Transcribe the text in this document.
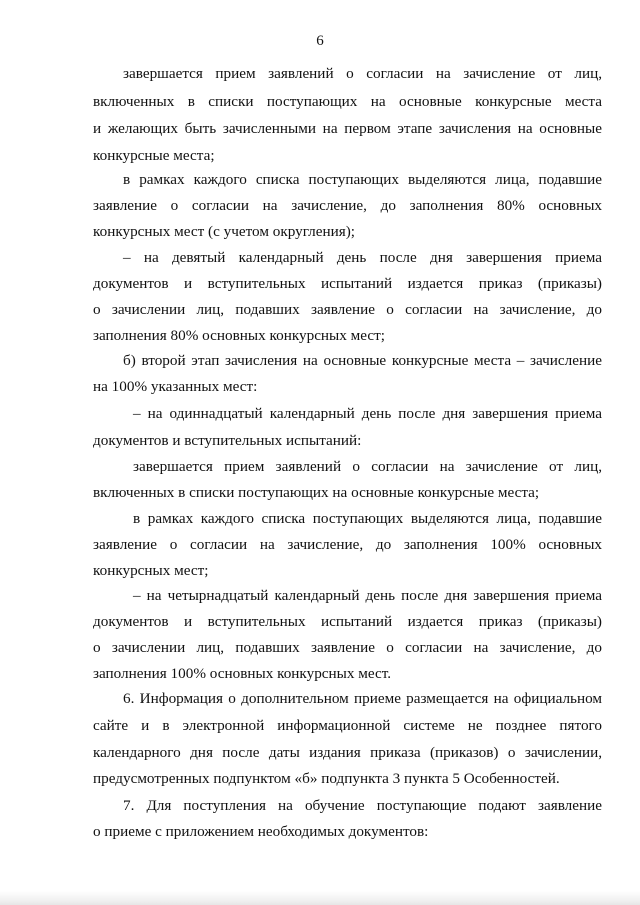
6
завершается прием заявлений о согласии на зачисление от лиц,
включенных в списки поступающих на основные конкурсные места
и желающих быть зачисленными на первом этапе зачисления на основные
конкурсные места;
в рамках каждого списка поступающих выделяются лица, подавшие
заявление о согласии на зачисление, до заполнения 80% основных
конкурсных мест (с учетом округления);
– на девятый календарный день после дня завершения приема
документов и вступительных испытаний издается приказ (приказы)
о зачислении лиц, подавших заявление о согласии на зачисление, до
заполнения 80% основных конкурсных мест;
б) второй этап зачисления на основные конкурсные места – зачисление
на 100% указанных мест:
– на одиннадцатый календарный день после дня завершения приема
документов и вступительных испытаний:
завершается прием заявлений о согласии на зачисление от лиц,
включенных в списки поступающих на основные конкурсные места;
в рамках каждого списка поступающих выделяются лица, подавшие
заявление о согласии на зачисление, до заполнения 100% основных
конкурсных мест;
– на четырнадцатый календарный день после дня завершения приема
документов и вступительных испытаний издается приказ (приказы)
о зачислении лиц, подавших заявление о согласии на зачисление, до
заполнения 100% основных конкурсных мест.
6. Информация о дополнительном приеме размещается на официальном
сайте и в электронной информационной системе не позднее пятого
календарного дня после даты издания приказа (приказов) о зачислении,
предусмотренных подпунктом «б» подпункта 3 пункта 5 Особенностей.
7. Для поступления на обучение поступающие подают заявление
о приеме с приложением необходимых документов:
